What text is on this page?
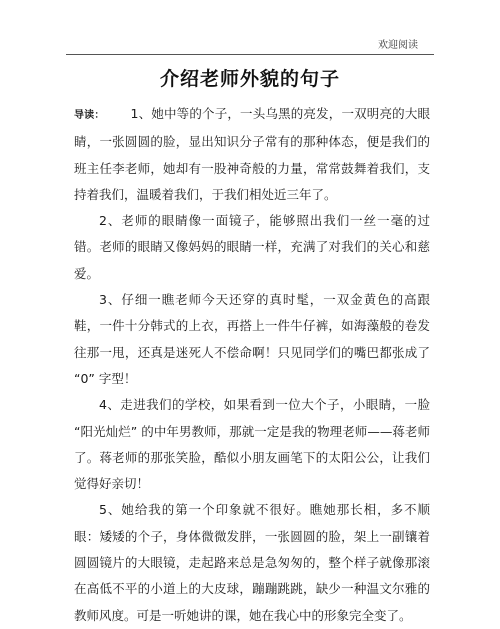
欢迎阅读
介绍老师外貌的句子

导读： 1、她中等的个子，一头乌黑的亮发，一双明亮的大眼睛，一张圆圆的脸，显出知识分子常有的那种体态，便是我们的班主任李老师，她却有一股神奇般的力量，常常鼓舞着我们，支持着我们，温暖着我们，于我们相处近三年了。

2、老师的眼睛像一面镜子，能够照出我们一丝一毫的过错。老师的眼睛又像妈妈的眼睛一样，充满了对我们的关心和慈爱。

3、仔细一瞧老师今天还穿的真时髦，一双金黄色的高跟鞋，一件十分韩式的上衣，再搭上一件牛仔裤，如海藻般的卷发往那一甩，还真是迷死人不偿命啊！只见同学们的嘴巴都张成了 “0” 字型！

4、走进我们的学校，如果看到一位大个子，小眼睛，一脸 “阳光灿烂” 的中年男教师，那就一定是我的物理老师——蒋老师了。蒋老师的那张笑脸，酷似小朋友画笔下的太阳公公，让我们觉得好亲切！

5、她给我的第一个印象就不很好。瞧她那长相，多不顺眼：矮矮的个子，身体微微发胖，一张圆圆的脸，架上一副镶着圆圆镜片的大眼镜，走起路来总是急匆匆的，整个样子就像那滚在高低不平的小道上的大皮球，蹦蹦跳跳，缺少一种温文尔雅的教师风度。可是一听她讲的课，她在我心中的形象完全变了。
